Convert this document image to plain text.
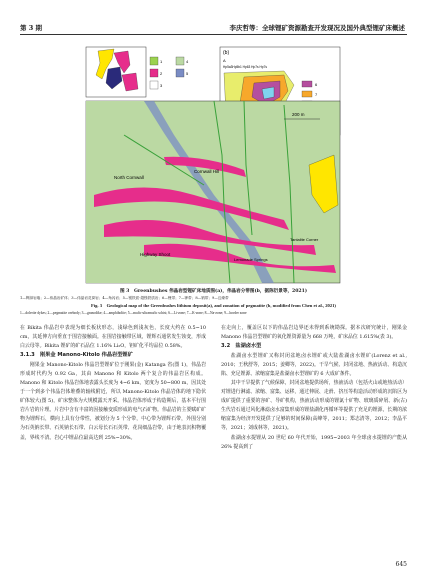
第 3 期	李庆哲等：全球锂矿资源勘查开发现况及国外典型锂矿床概述
1
2
3
4
5
(b)
A
Hp5a3Hp5b1 Hp63 Hp7s Hp7s
6
7
200 m
North Cornwall
Cornwall Hill
Highway Shoot
Lemonade Springs
Tantalite Corner
图 3　Greenbushes 伟晶岩型锂矿床地质图(a)，伟晶岩分带图(b，据陈衍景等，2021)
1—辉绿岩墙；2—伟晶岩矿体；3—伟晶岩花岗岩；4—角闪岩；5—镁铁质-超镁铁质岩；6—锂带；7—钾带；8—钠带；9—边缘带
Fig. 3　Geological map of the Greenbushes lithium deposit(a), and zonation of pegmatite (b, modified from Chen et al., 2021)
1—dolerite dykes; 2—pegmatite orebody; 3—granodike; 4—amphibolite; 5—mafic-ultramafic schist; 6—Li-zone; 7—K-zone; 8—Na-zone; 9—border zone

在 Bikita 伟晶岩中表现为细长板状形态，浅绿色到浅灰色，长度大约在 0.5~10 cm，其延伸方向垂直于围岩接触面。在围岩接触带区域，锂辉石通常发生蚀变，形成白云母等。Bikita 锂矿的矿石品位 1.16% Li₂O，钽矿化平均品位 0.58%。

3.1.3　刚果金 Manono-Kitolo 伟晶岩型锂矿

刚果金 Manono-Kitolo 伟晶岩型锂矿位于刚果(金) Katanga 省(图 1)，伟晶岩形成时代约为 0.92 Ga，其由 Manono 和 Kitolo 两个复合的伟晶岩区构成。Manono 和 Kitolo 伟晶岩体地表露头长度为 4~6 km，宽度为 50~800 m，因其处于一个到多个伟晶岩体堆叠的轴线附近，所以 Manono-Kitolo 伟晶岩体的地下隐伏矿体较大(图 5)，矿床整体为大规模露天开采。伟晶岩体形成于构造期后，基本平行围岩片岩的片理。片岩中含有丰富的因接触变质形成的电气石矿物。伟晶岩的主要赋矿矿物为锂辉石，横向上具有分带性，被划分为 5 个分带，中心带为锂辉石带，外围分别为石英钠长带、石英钠长石带、白云母长石石英带、花岗细晶岩带，由于地表沉积物覆盖，界线不清。岩心中锂品位最高达到 25%~30%。

在走向上，覆盖区以下的伟晶岩边界还未得到系统勘探。据本次研究统计，刚果金 Manono 伟晶岩型锂矿的氧化锂资源量为 668 万吨，矿床品位 1.615%(表 3)。

3.2　盐湖卤水型

盐湖卤水型锂矿又称封闭盆地卤水锂矿或大陆盐湖卤水锂矿(Lorenz et al., 2010；王秋舒等，2015；姜卿等，2022)。干旱气候、封闭盆地、热液活动、构造沉陷、充足锂源、浓缩富集是盐湖卤水型锂矿的 6 大成矿条件。

其中干旱提供了气候保障，封闭盆地提供场所，热液活动（包括火山或地热活动）对锂进行淋滤、浓缩、富集、运移，通过伸展、走滑、挤压等构造活动形成的沉陷区为成矿提供了重要的容矿、导矿机构，热液活动形成的锂氯十矿物、玻璃质碎屑、新(古)生代岩石通过风化淋滤卤水富集形成的锂盐湖化再循环等提供了充足的锂源，长期的浓缩富集为经济开发提供了足够的时间保障(高峰等，2011；郑志清等，2012；李晶平等，2021；刘成林等，2021)。

盐湖卤水提锂从 20 世纪 60 年代开始，1995~2003 年全球卤水提锂的产能从 26% 提高到了

645
